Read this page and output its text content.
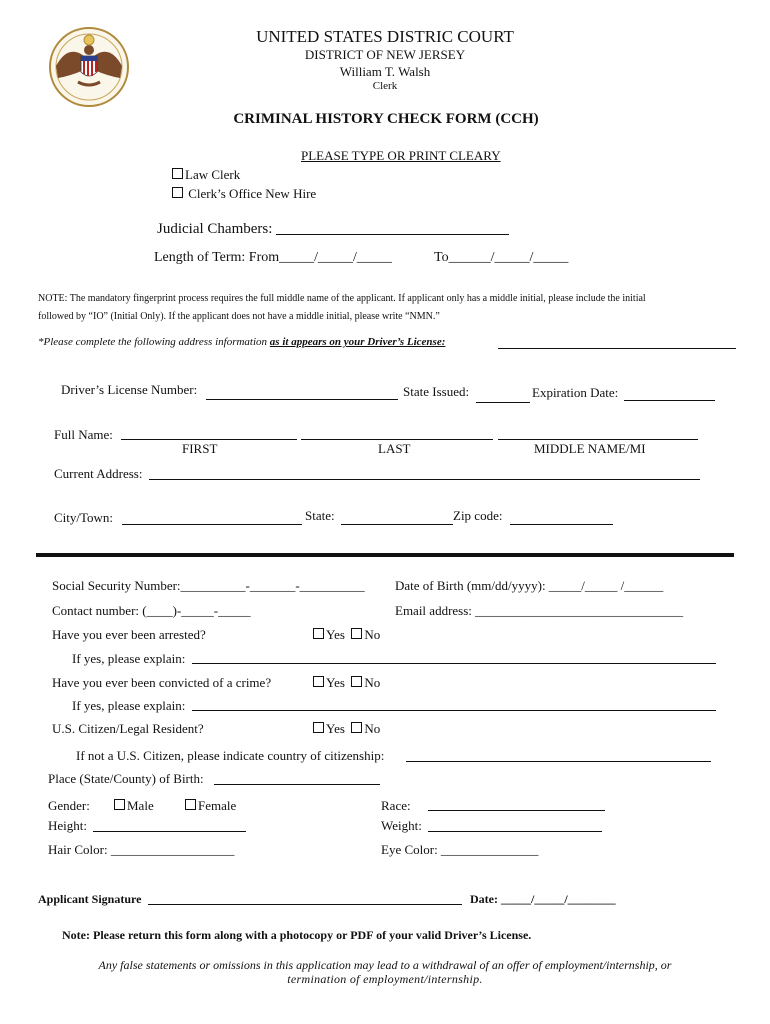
UNITED STATES DISTRIC COURT
DISTRICT OF NEW JERSEY
William T. Walsh
Clerk
CRIMINAL HISTORY CHECK FORM (CCH)
PLEASE TYPE OR PRINT CLEARY
Law Clerk
Clerk’s Office New Hire
Judicial Chambers:
Length of Term: From_____/_____/_____	To______/_____/_____
NOTE: The mandatory fingerprint process requires the full middle name of the applicant. If applicant only has a middle initial, please include the initial
followed by “IO” (Initial Only). If the applicant does not have a middle initial, please write “NMN.”
*Please complete the following address information as it appears on your Driver’s License:
Driver’s License Number:	State Issued:	Expiration Date:
Full Name:
FIRST	LAST	MIDDLE NAME/MI
Current Address:
City/Town:	State:	Zip code:
Social Security Number:__________-_______-__________ Date of Birth (mm/dd/yyyy): _____/_____ /______
Contact number: (____)-_____-_____	Email address: ________________________________
Have you ever been arrested?	Yes No
If yes, please explain:
Have you ever been convicted of a crime?	Yes No
If yes, please explain:
U.S. Citizen/Legal Resident?	Yes No
If not a U.S. Citizen, please indicate country of citizenship:
Place (State/County) of Birth:
Gender:	Male	Female	Race:
Height:	Weight:
Hair Color: ___________________	Eye Color: _______________
Applicant Signature	Date: _____/_____/________
Note: Please return this form along with a photocopy or PDF of your valid Driver’s License.
Any false statements or omissions in this application may lead to a withdrawal of an offer of employment/internship, or
termination of employment/internship.
